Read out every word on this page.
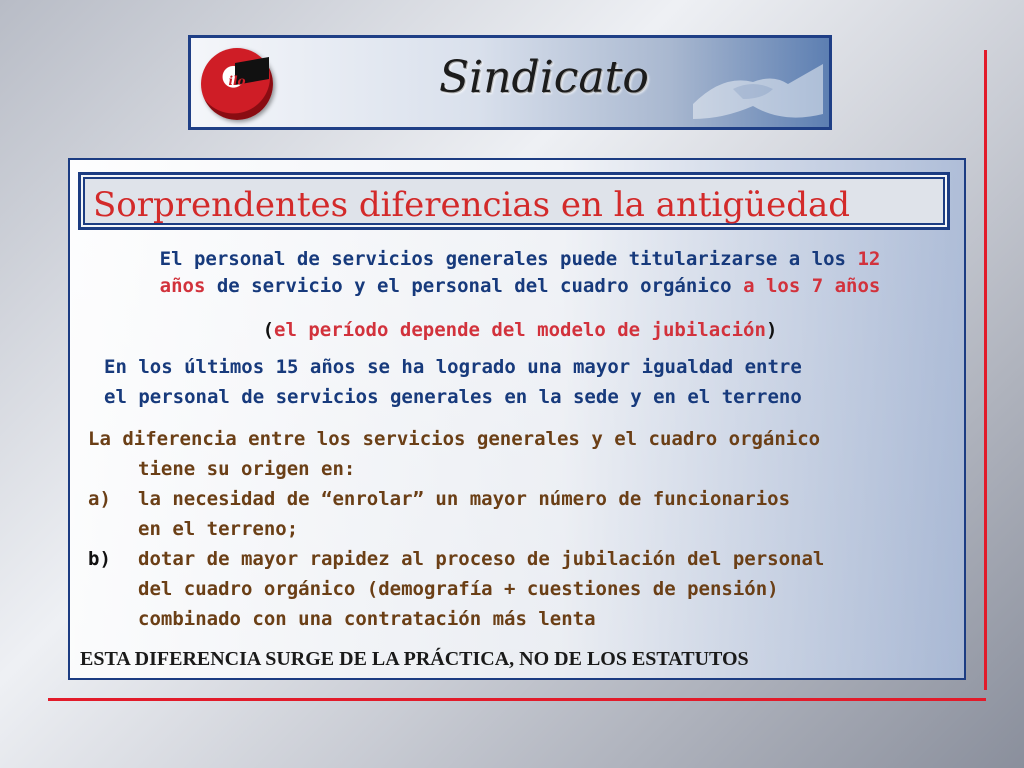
ilo	Sindicato
Sorprendentes diferencias en la antigüedad
El personal de servicios generales puede titularizarse a los 12
años de servicio y el personal del cuadro orgánico a los 7 años
(el período depende del modelo de jubilación)
En los últimos 15 años se ha logrado una mayor igualdad entre
el personal de servicios generales en la sede y en el terreno
La diferencia entre los servicios generales y el cuadro orgánico
tiene su origen en:
a)	la necesidad de “enrolar” un mayor número de funcionarios
en el terreno;
b)	dotar de mayor rapidez al proceso de jubilación del personal
del cuadro orgánico (demografía + cuestiones de pensión)
combinado con una contratación más lenta
ESTA DIFERENCIA SURGE DE LA PRÁCTICA, NO DE LOS ESTATUTOS
